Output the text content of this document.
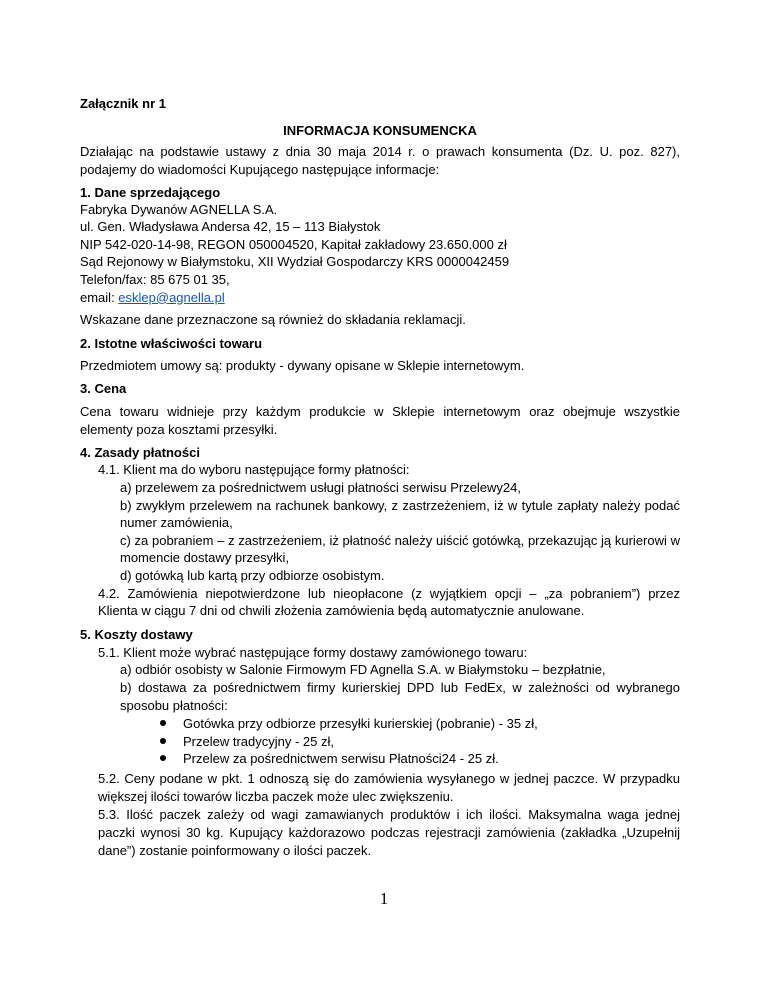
Załącznik nr 1
INFORMACJA KONSUMENCKA
Działając na podstawie ustawy z dnia 30 maja 2014 r. o prawach konsumenta (Dz. U. poz. 827),
podajemy do wiadomości Kupującego następujące informacje:
1. Dane sprzedającego
Fabryka Dywanów AGNELLA S.A.
ul. Gen. Władysława Andersa 42, 15 – 113 Białystok
NIP 542-020-14-98, REGON 050004520, Kapitał zakładowy 23.650.000 zł
Sąd Rejonowy w Białymstoku, XII Wydział Gospodarczy KRS 0000042459
Telefon/fax: 85 675 01 35,
email: esklep@agnella.pl
Wskazane dane przeznaczone są również do składania reklamacji.
2. Istotne właściwości towaru
Przedmiotem umowy są: produkty - dywany opisane w Sklepie internetowym.
3. Cena
Cena towaru widnieje przy każdym produkcie w Sklepie internetowym oraz obejmuje wszystkie
elementy poza kosztami przesyłki.
4. Zasady płatności
4.1. Klient ma do wyboru następujące formy płatności:
a) przelewem za pośrednictwem usługi płatności serwisu Przelewy24,
b) zwykłym przelewem na rachunek bankowy, z zastrzeżeniem, iż w tytule zapłaty należy podać
numer zamówienia,
c) za pobraniem – z zastrzeżeniem, iż płatność należy uiścić gotówką, przekazując ją kurierowi w
momencie dostawy przesyłki,
d) gotówką lub kartą przy odbiorze osobistym.
4.2. Zamówienia niepotwierdzone lub nieopłacone (z wyjątkiem opcji – „za pobraniem”) przez
Klienta w ciągu 7 dni od chwili złożenia zamówienia będą automatycznie anulowane.
5. Koszty dostawy
5.1. Klient może wybrać następujące formy dostawy zamówionego towaru:
a) odbiór osobisty w Salonie Firmowym FD Agnella S.A. w Białymstoku – bezpłatnie,
b) dostawa za pośrednictwem firmy kurierskiej DPD lub FedEx, w zależności od wybranego
sposobu płatności:
Gotówka przy odbiorze przesyłki kurierskiej (pobranie) - 35 zł,
Przelew tradycyjny - 25 zł,
Przelew za pośrednictwem serwisu Płatności24 - 25 zł.
5.2. Ceny podane w pkt. 1 odnoszą się do zamówienia wysyłanego w jednej paczce. W przypadku
większej ilości towarów liczba paczek może ulec zwiększeniu.
5.3. Ilość paczek zależy od wagi zamawianych produktów i ich ilości. Maksymalna waga jednej
paczki wynosi 30 kg. Kupujący każdorazowo podczas rejestracji zamówienia (zakładka „Uzupełnij
dane”) zostanie poinformowany o ilości paczek.
1
